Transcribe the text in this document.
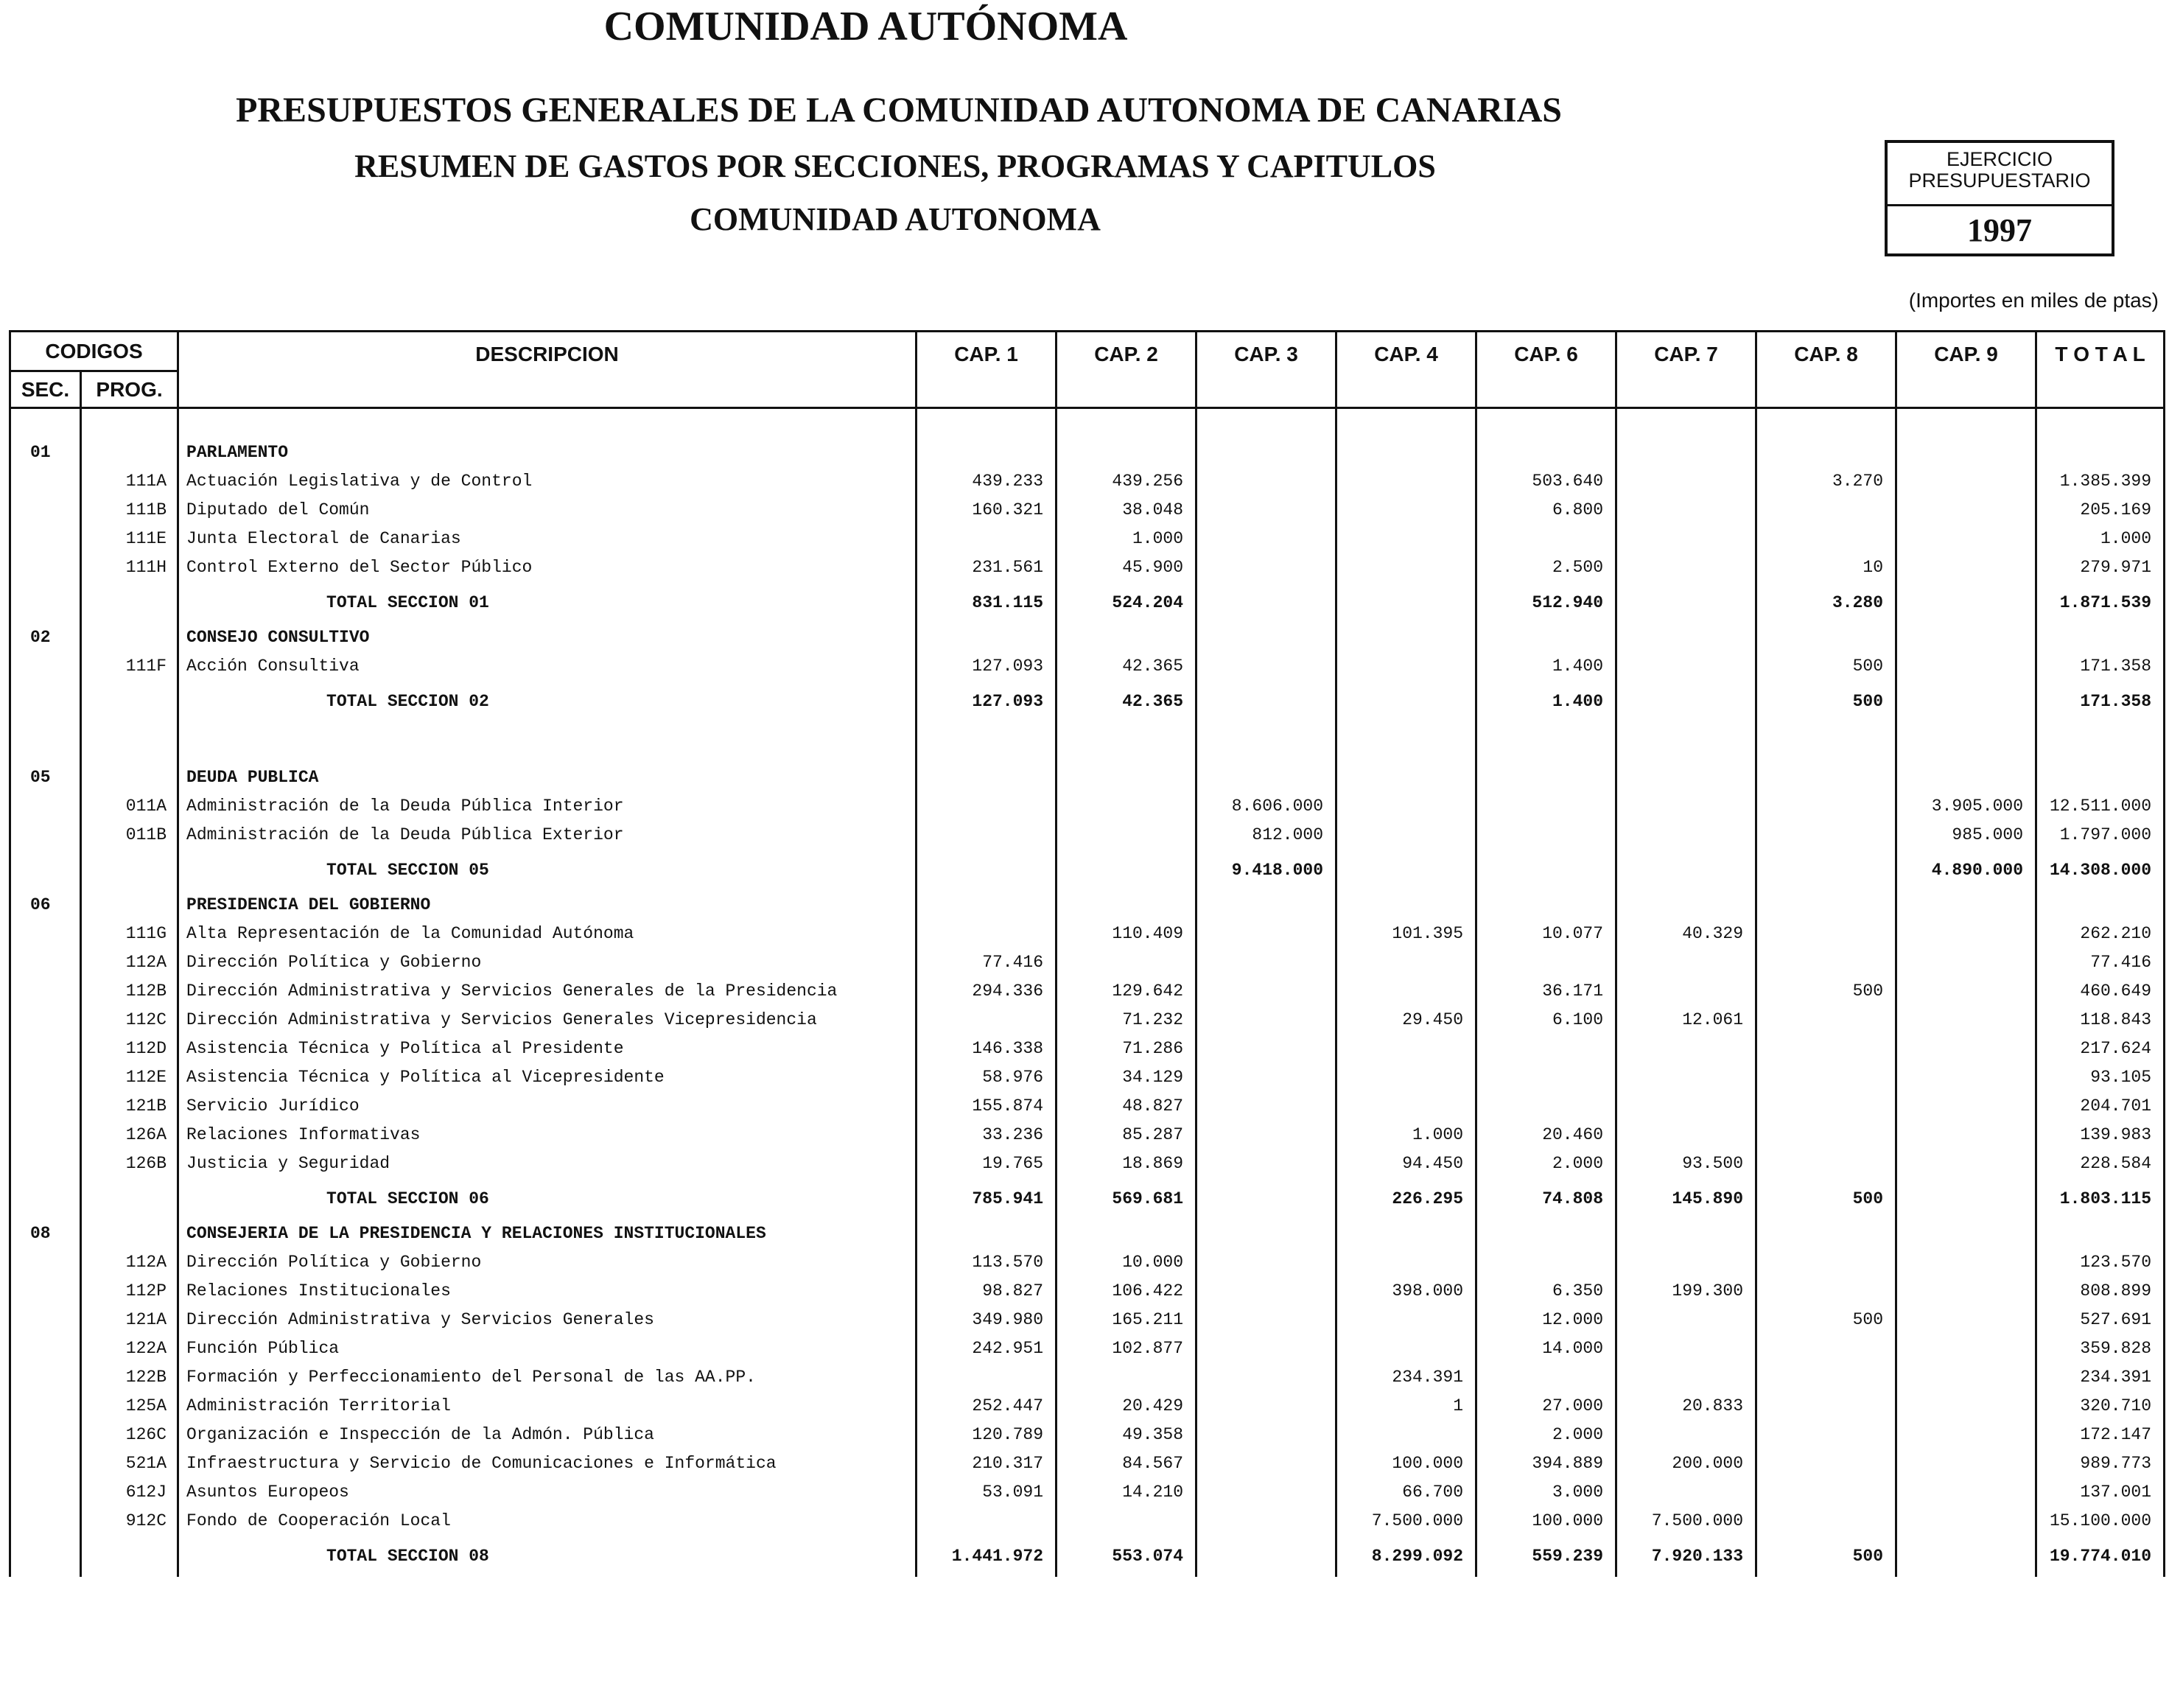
COMUNIDAD AUTÓNOMA
PRESUPUESTOS GENERALES DE LA COMUNIDAD AUTONOMA DE CANARIAS
RESUMEN DE GASTOS POR SECCIONES, PROGRAMAS Y CAPITULOS
COMUNIDAD AUTONOMA
EJERCICIO
PRESUPUESTARIO
1997
(Importes en miles de ptas)
CODIGOS		DESCRIPCION	CAP. 1	CAP. 2	CAP. 3	CAP. 4	CAP. 6	CAP. 7	CAP. 8	CAP. 9	T O T A L
SEC.	PROG.										

01		PARLAMENTO									
	111A	Actuación Legislativa y de Control	439.233	439.256			503.640		3.270		1.385.399
	111B	Diputado del Común	160.321	38.048			6.800				205.169
	111E	Junta Electoral de Canarias		1.000							1.000
	111H	Control Externo del Sector Público	231.561	45.900			2.500		10		279.971
		TOTAL SECCION 01	831.115	524.204			512.940		3.280		1.871.539
02		CONSEJO CONSULTIVO									
	111F	Acción Consultiva	127.093	42.365			1.400		500		171.358
		TOTAL SECCION 02	127.093	42.365			1.400		500		171.358

05		DEUDA PUBLICA									
	011A	Administración de la Deuda Pública Interior			8.606.000					3.905.000	12.511.000
	011B	Administración de la Deuda Pública Exterior			812.000					985.000	1.797.000
		TOTAL SECCION 05			9.418.000					4.890.000	14.308.000
06		PRESIDENCIA DEL GOBIERNO									
	111G	Alta Representación de la Comunidad Autónoma		110.409		101.395	10.077	40.329			262.210
	112A	Dirección Política y Gobierno	77.416								77.416
	112B	Dirección Administrativa y Servicios Generales de la Presidencia	294.336	129.642			36.171		500		460.649
	112C	Dirección Administrativa y Servicios Generales Vicepresidencia		71.232		29.450	6.100	12.061			118.843
	112D	Asistencia Técnica y Política al Presidente	146.338	71.286							217.624
	112E	Asistencia Técnica y Política al Vicepresidente	58.976	34.129							93.105
	121B	Servicio Jurídico	155.874	48.827							204.701
	126A	Relaciones Informativas	33.236	85.287		1.000	20.460				139.983
	126B	Justicia y Seguridad	19.765	18.869		94.450	2.000	93.500			228.584
		TOTAL SECCION 06	785.941	569.681		226.295	74.808	145.890	500		1.803.115
08		CONSEJERIA DE LA PRESIDENCIA Y RELACIONES INSTITUCIONALES									
	112A	Dirección Política y Gobierno	113.570	10.000							123.570
	112P	Relaciones Institucionales	98.827	106.422		398.000	6.350	199.300			808.899
	121A	Dirección Administrativa y Servicios Generales	349.980	165.211			12.000		500		527.691
	122A	Función Pública	242.951	102.877			14.000				359.828
	122B	Formación y Perfeccionamiento del Personal de las AA.PP.				234.391					234.391
	125A	Administración Territorial	252.447	20.429		1	27.000	20.833			320.710
	126C	Organización e Inspección de la Admón. Pública	120.789	49.358			2.000				172.147
	521A	Infraestructura y Servicio de Comunicaciones e Informática	210.317	84.567		100.000	394.889	200.000			989.773
	612J	Asuntos Europeos	53.091	14.210		66.700	3.000				137.001
	912C	Fondo de Cooperación Local				7.500.000	100.000	7.500.000			15.100.000
		TOTAL SECCION 08	1.441.972	553.074		8.299.092	559.239	7.920.133	500		19.774.010
